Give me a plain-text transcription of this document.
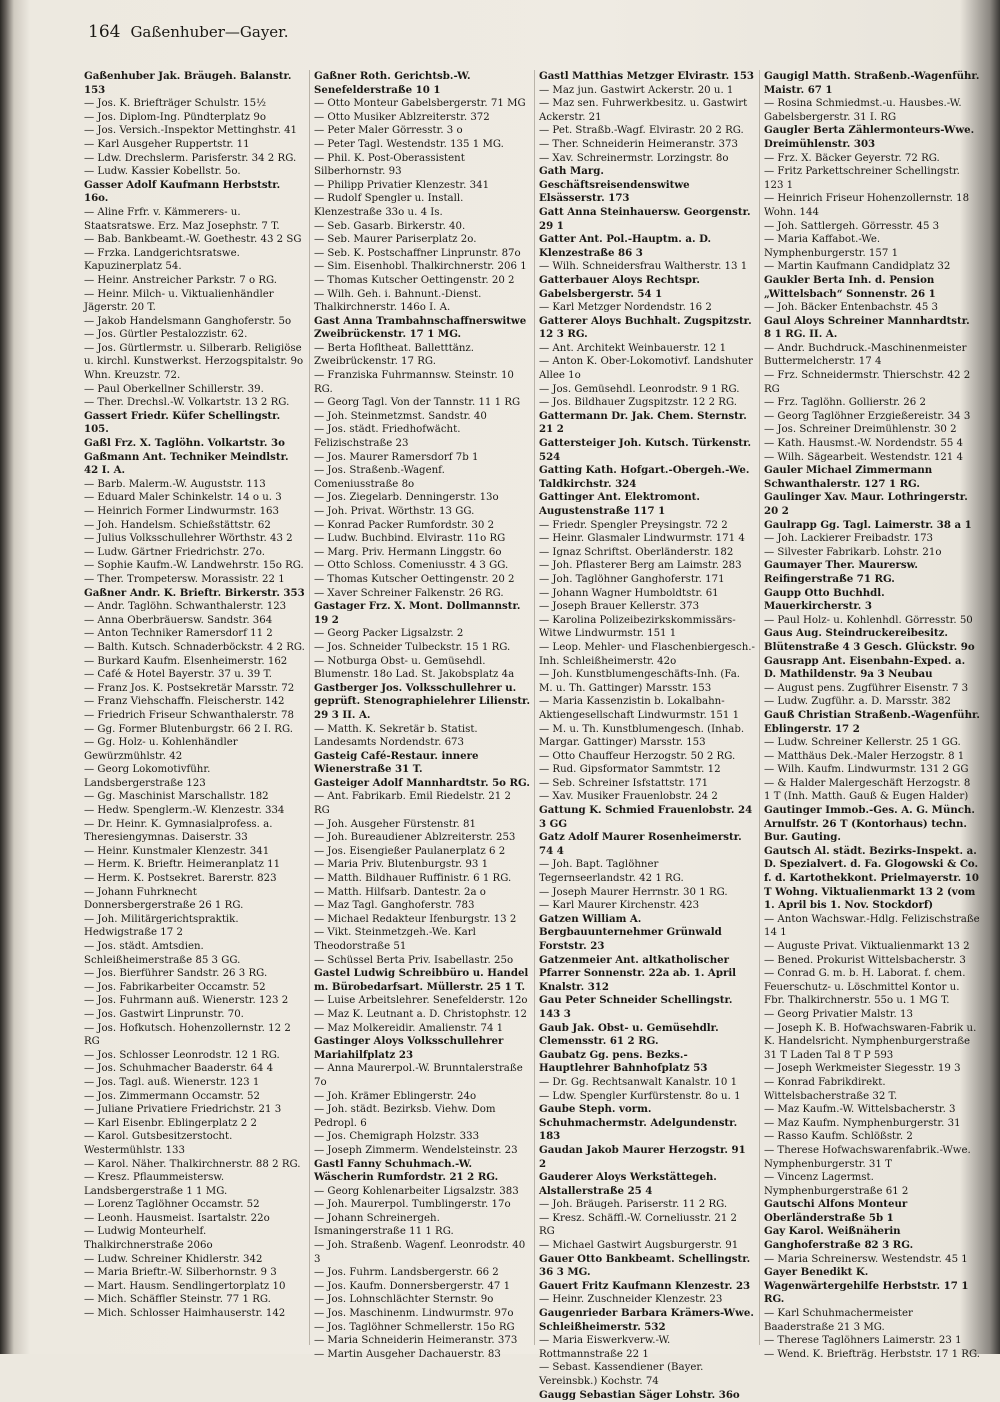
164 Gaßenhuber—Gayer.

Gaßenhuber Jak. Bräugeh. Balanstr. 153

— Jos. K. Briefträger Schulstr. 15½

— Jos. Diplom-Ing. Pündterplatz 9o

— Jos. Versich.-Inspektor Mettinghstr. 41

— Karl Ausgeher Ruppertstr. 11

— Ldw. Drechslerm. Parisferstr. 34 2 RG.

— Ludw. Kassier Kobellstr. 5o.

Gasser Adolf Kaufmann Herbststr. 16o.

— Aline Frfr. v. Kämmerers- u. Staatsratswe. Erz. Maz Josephstr. 7 T.

— Bab. Bankbeamt.-W. Goethestr. 43 2 SG

— Frzka. Landgerichtsratswe. Kapuzinerplatz 54.

— Heinr. Anstreicher Parkstr. 7 o RG.

— Heinr. Milch- u. Viktualienhändler Jägerstr. 20 T.

— Jakob Handelsmann Ganghoferstr. 5o

— Jos. Gürtler Pestalozzistr. 62.

— Jos. Gürtlermstr. u. Silberarb. Religiöse u. kirchl. Kunstwerkst. Herzogspitalstr. 9o Whn. Kreuzstr. 72.

— Paul Oberkellner Schillerstr. 39.

— Ther. Drechsl.-W. Volkartstr. 13 2 RG.

Gassert Friedr. Küfer Schellingstr. 105.

Gaßl Frz. X. Taglöhn. Volkartstr. 3o

Gaßmann Ant. Techniker Meindlstr. 42 I. A.

— Barb. Malerm.-W. Auguststr. 113

— Eduard Maler Schinkelstr. 14 o u. 3

— Heinrich Former Lindwurmstr. 163

— Joh. Handelsm. Schießstättstr. 62

— Julius Volksschullehrer Wörthstr. 43 2

— Ludw. Gärtner Friedrichstr. 27o.

— Sophie Kaufm.-W. Landwehrstr. 15o RG.

— Ther. Trompetersw. Morassistr. 22 1

Gaßner Andr. K. Brieftr. Birkerstr. 353

— Andr. Taglöhn. Schwanthalerstr. 123

— Anna Oberbräuersw. Sandstr. 364

— Anton Techniker Ramersdorf 11 2

— Balth. Kutsch. Schnaderböckstr. 4 2 RG.

— Burkard Kaufm. Elsenheimerstr. 162

— Café & Hotel Bayerstr. 37 u. 39 T.

— Franz Jos. K. Postsekretär Marsstr. 72

— Franz Viehschaffn. Fleischerstr. 142

— Friedrich Friseur Schwanthalerstr. 78

— Gg. Former Blutenburgstr. 66 2 I. RG.

— Gg. Holz- u. Kohlenhändler Gewürzmühlstr. 42

— Georg Lokomotivführ. Landsbergerstraße 123

— Gg. Maschinist Marschallstr. 182

— Hedw. Spenglerm.-W. Klenzestr. 334

— Dr. Heinr. K. Gymnasialprofess. a. Theresiengymnas. Daiserstr. 33

— Heinr. Kunstmaler Klenzestr. 341

— Herm. K. Brieftr. Heimeranplatz 11

— Herm. K. Postsekret. Barerstr. 823

— Johann Fuhrknecht Donnersbergerstraße 26 1 RG.

— Joh. Militärgerichtspraktik. Hedwigstraße 17 2

— Jos. städt. Amtsdien. Schleißheimerstraße 85 3 GG.

— Jos. Bierführer Sandstr. 26 3 RG.

— Jos. Fabrikarbeiter Occamstr. 52

— Jos. Fuhrmann auß. Wienerstr. 123 2

— Jos. Gastwirt Linprunstr. 70.

— Jos. Hofkutsch. Hohenzollernstr. 12 2 RG

— Jos. Schlosser Leonrodstr. 12 1 RG.

— Jos. Schuhmacher Baaderstr. 64 4

— Jos. Tagl. auß. Wienerstr. 123 1

— Jos. Zimmermann Occamstr. 52

— Juliane Privatiere Friedrichstr. 21 3

— Karl Eisenbr. Eblingerplatz 2 2

— Karol. Gutsbesitzerstocht. Westermühlstr. 133

— Karol. Näher. Thalkirchnerstr. 88 2 RG.

— Kresz. Pflaummeistersw. Landsbergerstraße 1 1 MG.

— Lorenz Taglöhner Occamstr. 52

— Leonh. Hausmeist. Isartalstr. 22o

— Ludwig Monteurhelf. Thalkirchnerstraße 206o

— Ludw. Schreiner Khidlerstr. 342

— Maria Brieftr.-W. Silberhornstr. 9 3

— Mart. Hausm. Sendlingertorplatz 10

— Mich. Schäffler Steinstr. 77 1 RG.

— Mich. Schlosser Haimhauserstr. 142

Gaßner Roth. Gerichtsb.-W. Senefelderstraße 10 1

— Otto Monteur Gabelsbergerstr. 71 MG

— Otto Musiker Ablzreiterstr. 372

— Peter Maler Görresstr. 3 o

— Peter Tagl. Westendstr. 135 1 MG.

— Phil. K. Post-Oberassistent Silberhornstr. 93

— Philipp Privatier Klenzestr. 341

— Rudolf Spengler u. Install. Klenzestraße 33o u. 4 Is.

— Seb. Gasarb. Birkerstr. 40.

— Seb. Maurer Pariserplatz 2o.

— Seb. K. Postschaffner Linprunstr. 87o

— Sim. Eisenhobl. Thalkirchnerstr. 206 1

— Thomas Kutscher Oettingenstr. 20 2

— Wilh. Geh. i. Bahnunt.-Dienst. Thalkirchnerstr. 146o I. A.

Gast Anna Trambahnschaffnerswitwe Zweibrückenstr. 17 1 MG.

— Berta Hofltheat. Balletttänz. Zweibrückenstr. 17 RG.

— Franziska Fuhrmannsw. Steinstr. 10 RG.

— Georg Tagl. Von der Tannstr. 11 1 RG

— Joh. Steinmetzmst. Sandstr. 40

— Jos. städt. Friedhofwächt. Felizischstraße 23

— Jos. Maurer Ramersdorf 7b 1

— Jos. Straßenb.-Wagenf. Comeniusstraße 8o

— Jos. Ziegelarb. Denningerstr. 13o

— Joh. Privat. Wörthstr. 13 GG.

— Konrad Packer Rumfordstr. 30 2

— Ludw. Buchbind. Elvirastr. 11o RG

— Marg. Priv. Hermann Linggstr. 6o

— Otto Schloss. Comeniusstr. 4 3 GG.

— Thomas Kutscher Oettingenstr. 20 2

— Xaver Schreiner Falkenstr. 26 RG.

Gastager Frz. X. Mont. Dollmannstr. 19 2

— Georg Packer Ligsalzstr. 2

— Jos. Schneider Tulbeckstr. 15 1 RG.

— Notburga Obst- u. Gemüsehdl. Blumenstr. 18o Lad. St. Jakobsplatz 4a

Gastberger Jos. Volksschullehrer u. geprüft. Stenographielehrer Lilienstr. 29 3 II. A.

— Matth. K. Sekretär b. Statist. Landesamts Nordendstr. 673

Gasteig Café-Restaur. innere Wienerstraße 31 T.

Gasteiger Adolf Mannhardtstr. 5o RG.

— Ant. Fabrikarb. Emil Riedelstr. 21 2 RG

— Joh. Ausgeher Fürstenstr. 81

— Joh. Bureaudiener Ablzreiterstr. 253

— Jos. Eisengießer Paulanerplatz 6 2

— Maria Priv. Blutenburgstr. 93 1

— Matth. Bildhauer Ruffinistr. 6 1 RG.

— Matth. Hilfsarb. Dantestr. 2a o

— Maz Tagl. Ganghoferstr. 783

— Michael Redakteur Ifenburgstr. 13 2

— Vikt. Steinmetzgeh.-We. Karl Theodorstraße 51

— Schüssel Berta Priv. Isabellastr. 25o

Gastel Ludwig Schreibbüro u. Handel m. Bürobedarfsart. Müllerstr. 25 1 T.

— Luise Arbeitslehrer. Senefelderstr. 12o

— Maz K. Leutnant a. D. Christophstr. 12

— Maz Molkereidir. Amalienstr. 74 1

Gastinger Aloys Volksschullehrer Mariahilfplatz 23

— Anna Maurerpol.-W. Brunntalerstraße 7o

— Joh. Krämer Eblingerstr. 24o

— Joh. städt. Bezirksb. Viehw. Dom Pedropl. 6

— Jos. Chemigraph Holzstr. 333

— Joseph Zimmerm. Wendelsteinstr. 23

Gastl Fanny Schuhmach.-W. Wäscherin Rumfordstr. 21 2 RG.

— Georg Kohlenarbeiter Ligsalzstr. 383

— Joh. Maurerpol. Tumblingerstr. 17o

— Johann Schreinergeh. Ismaningerstraße 11 1 RG.

— Joh. Straßenb. Wagenf. Leonrodstr. 40 3

— Jos. Fuhrm. Landsbergerstr. 66 2

— Jos. Kaufm. Donnersbergerstr. 47 1

— Jos. Lohnschlächter Sternstr. 9o

— Jos. Maschinenm. Lindwurmstr. 97o

— Jos. Taglöhner Schmellerstr. 15o RG

— Maria Schneiderin Heimeranstr. 373

— Martin Ausgeher Dachauerstr. 83

Gastl Matthias Metzger Elvirastr. 153

— Maz jun. Gastwirt Ackerstr. 20 u. 1

— Maz sen. Fuhrwerkbesitz. u. Gastwirt Ackerstr. 21

— Pet. Straßb.-Wagf. Elvirastr. 20 2 RG.

— Ther. Schneiderin Heimeranstr. 373

— Xav. Schreinermstr. Lorzingstr. 8o

Gath Marg. Geschäftsreisendenswitwe Elsässerstr. 173

Gatt Anna Steinhauersw. Georgenstr. 29 1

Gatter Ant. Pol.-Hauptm. a. D. Klenzestraße 86 3

— Wilh. Schneidersfrau Waltherstr. 13 1

Gatterbauer Aloys Rechtspr. Gabelsbergerstr. 54 1

— Karl Metzger Nordendstr. 16 2

Gatterer Aloys Buchhalt. Zugspitzstr. 12 3 RG.

— Ant. Architekt Weinbauerstr. 12 1

— Anton K. Ober-Lokomotivf. Landshuter Allee 1o

— Jos. Gemüsehdl. Leonrodstr. 9 1 RG.

— Jos. Bildhauer Zugspitzstr. 12 2 RG.

Gattermann Dr. Jak. Chem. Sternstr. 21 2

Gattersteiger Joh. Kutsch. Türkenstr. 524

Gatting Kath. Hofgart.-Obergeh.-We. Taldkirchstr. 324

Gattinger Ant. Elektromont. Augustenstraße 117 1

— Friedr. Spengler Preysingstr. 72 2

— Heinr. Glasmaler Lindwurmstr. 171 4

— Ignaz Schriftst. Oberländerstr. 182

— Joh. Pflasterer Berg am Laimstr. 283

— Joh. Taglöhner Ganghoferstr. 171

— Johann Wagner Humboldtstr. 61

— Joseph Brauer Kellerstr. 373

— Karolina Polizeibezirkskommissärs-Witwe Lindwurmstr. 151 1

— Leop. Mehler- und Flaschenbiergesch.-Inh. Schleißheimerstr. 42o

— Joh. Kunstblumengeschäfts-Inh. (Fa. M. u. Th. Gattinger) Marsstr. 153

— Maria Kassenzistin b. Lokalbahn-Aktiengesellschaft Lindwurmstr. 151 1

— M. u. Th. Kunstblumengesch. (Inhab. Margar. Gattinger) Marsstr. 153

— Otto Chauffeur Herzogstr. 50 2 RG.

— Rud. Gipsformator Sammtstr. 12

— Seb. Schreiner Isfstattstr. 171

— Xav. Musiker Frauenlobstr. 24 2

Gattung K. Schmied Frauenlobstr. 24 3 GG

Gatz Adolf Maurer Rosenheimerstr. 74 4

— Joh. Bapt. Taglöhner Tegernseerlandstr. 42 1 RG.

— Joseph Maurer Herrnstr. 30 1 RG.

— Karl Maurer Kirchenstr. 423

Gatzen William A. Bergbauunternehmer Grünwald Forststr. 23

Gatzenmeier Ant. altkatholischer Pfarrer Sonnenstr. 22a ab. 1. April Knalstr. 312

Gau Peter Schneider Schellingstr. 143 3

Gaub Jak. Obst- u. Gemüsehdlr. Clemensstr. 61 2 RG.

Gaubatz Gg. pens. Bezks.-Hauptlehrer Bahnhofplatz 53

— Dr. Gg. Rechtsanwalt Kanalstr. 10 1

— Ldw. Spengler Kurfürstenstr. 8o u. 1

Gaube Steph. vorm. Schuhmachermstr. Adelgundenstr. 183

Gaudan Jakob Maurer Herzogstr. 91 2

Gauderer Aloys Werkstättegeh. Alstallerstraße 25 4

— Joh. Bräugeh. Pariserstr. 11 2 RG.

— Kresz. Schäffl.-W. Corneliusstr. 21 2 RG

— Michael Gastwirt Augsburgerstr. 91

Gauer Otto Bankbeamt. Schellingstr. 36 3 MG.

Gauert Fritz Kaufmann Klenzestr. 23

— Heinr. Zuschneider Klenzestr. 23

Gaugenrieder Barbara Krämers-Wwe. Schleißheimerstr. 532

— Maria Eiswerkverw.-W. Rottmannstraße 22 1

— Sebast. Kassendiener (Bayer. Vereinsbk.) Kochstr. 74

Gaugg Sebastian Säger Lohstr. 36o

Gaugigl Matth. Straßenb.-Wagenführ. Maistr. 67 1

— Rosina Schmiedmst.-u. Hausbes.-W. Gabelsbergerstr. 31 I. RG

Gaugler Berta Zählermonteurs-Wwe. Dreimühlenstr. 303

— Frz. X. Bäcker Geyerstr. 72 RG.

— Fritz Parkettschreiner Schellingstr. 123 1

— Heinrich Friseur Hohenzollernstr. 18 Wohn. 144

— Joh. Sattlergeh. Görresstr. 45 3

— Maria Kaffabot.-We. Nymphenburgerstr. 157 1

— Martin Kaufmann Candidplatz 32

Gaukler Berta Inh. d. Pension „Wittelsbach“ Sonnenstr. 26 1

— Joh. Bäcker Entenbachstr. 45 3

Gaul Aloys Schreiner Mannhardtstr. 8 1 RG. II. A.

— Andr. Buchdruck.-Maschinenmeister Buttermelcherstr. 17 4

— Frz. Schneidermstr. Thierschstr. 42 2 RG

— Frz. Taglöhn. Gollierstr. 26 2

— Georg Taglöhner Erzgießereistr. 34 3

— Jos. Schreiner Dreimühlenstr. 30 2

— Kath. Hausmst.-W. Nordendstr. 55 4

— Wilh. Sägearbeit. Westendstr. 121 4

Gauler Michael Zimmermann Schwanthalerstr. 127 1 RG.

Gaulinger Xav. Maur. Lothringerstr. 20 2

Gaulrapp Gg. Tagl. Laimerstr. 38 a 1

— Joh. Lackierer Freibadstr. 173

— Silvester Fabrikarb. Lohstr. 21o

Gaumayer Ther. Maurersw. Reifingerstraße 71 RG.

Gaupp Otto Buchhdl. Mauerkircherstr. 3

— Paul Holz- u. Kohlenhdl. Görresstr. 50

Gaus Aug. Steindruckereibesitz. Blütenstraße 4 3 Gesch. Glückstr. 9o

Gausrapp Ant. Eisenbahn-Exped. a. D. Mathildenstr. 9a 3 Neubau

— August pens. Zugführer Eisenstr. 7 3

— Ludw. Zugführ. a. D. Marsstr. 382

Gauß Christian Straßenb.-Wagenführ. Eblingerstr. 17 2

— Ludw. Schreiner Kellerstr. 25 1 GG.

— Matthäus Dek.-Maler Herzogstr. 8 1

— Wilh. Kaufm. Lindwurmstr. 131 2 GG

— & Halder Malergeschäft Herzogstr. 8 1 T (Inh. Matth. Gauß & Eugen Halder)

Gautinger Immob.-Ges. A. G. Münch. Arnulfstr. 26 T (Kontorhaus) techn. Bur. Gauting.

Gautsch Al. städt. Bezirks-Inspekt. a. D. Spezialvert. d. Fa. Glogowski & Co. f. d. Kartothekkont. Prielmayerstr. 10 T Wohng. Viktualienmarkt 13 2 (vom 1. April bis 1. Nov. Stockdorf)

— Anton Wachswar.-Hdlg. Felizischstraße 14 1

— Auguste Privat. Viktualienmarkt 13 2

— Bened. Prokurist Wittelsbacherstr. 3

— Conrad G. m. b. H. Laborat. f. chem. Feuerschutz- u. Löschmittel Kontor u. Fbr. Thalkirchnerstr. 55o u. 1 MG T.

— Georg Privatier Malstr. 13

— Joseph K. B. Hofwachswaren-Fabrik u. K. Handelsricht. Nymphenburgerstraße 31 T Laden Tal 8 T P 593

— Joseph Werkmeister Siegesstr. 19 3

— Konrad Fabrikdirekt. Wittelsbacherstraße 32 T.

— Maz Kaufm.-W. Wittelsbacherstr. 3

— Maz Kaufm. Nymphenburgerstr. 31

— Rasso Kaufm. Schlößstr. 2

— Therese Hofwachswarenfabrik.-Wwe. Nymphenburgerstr. 31 T

— Vincenz Lagermst. Nymphenburgerstraße 61 2

Gautschi Alfons Monteur Oberländerstraße 5b 1

Gay Karol. Weißnäherin Ganghoferstraße 82 3 RG.

— Maria Schreinersw. Westendstr. 45 1

Gayer Benedikt K. Wagenwärtergehilfe Herbststr. 17 1 RG.

— Karl Schuhmachermeister Baaderstraße 21 3 MG.

— Therese Taglöhners Laimerstr. 23 1

— Wend. K. Briefträg. Herbststr. 17 1 RG.
